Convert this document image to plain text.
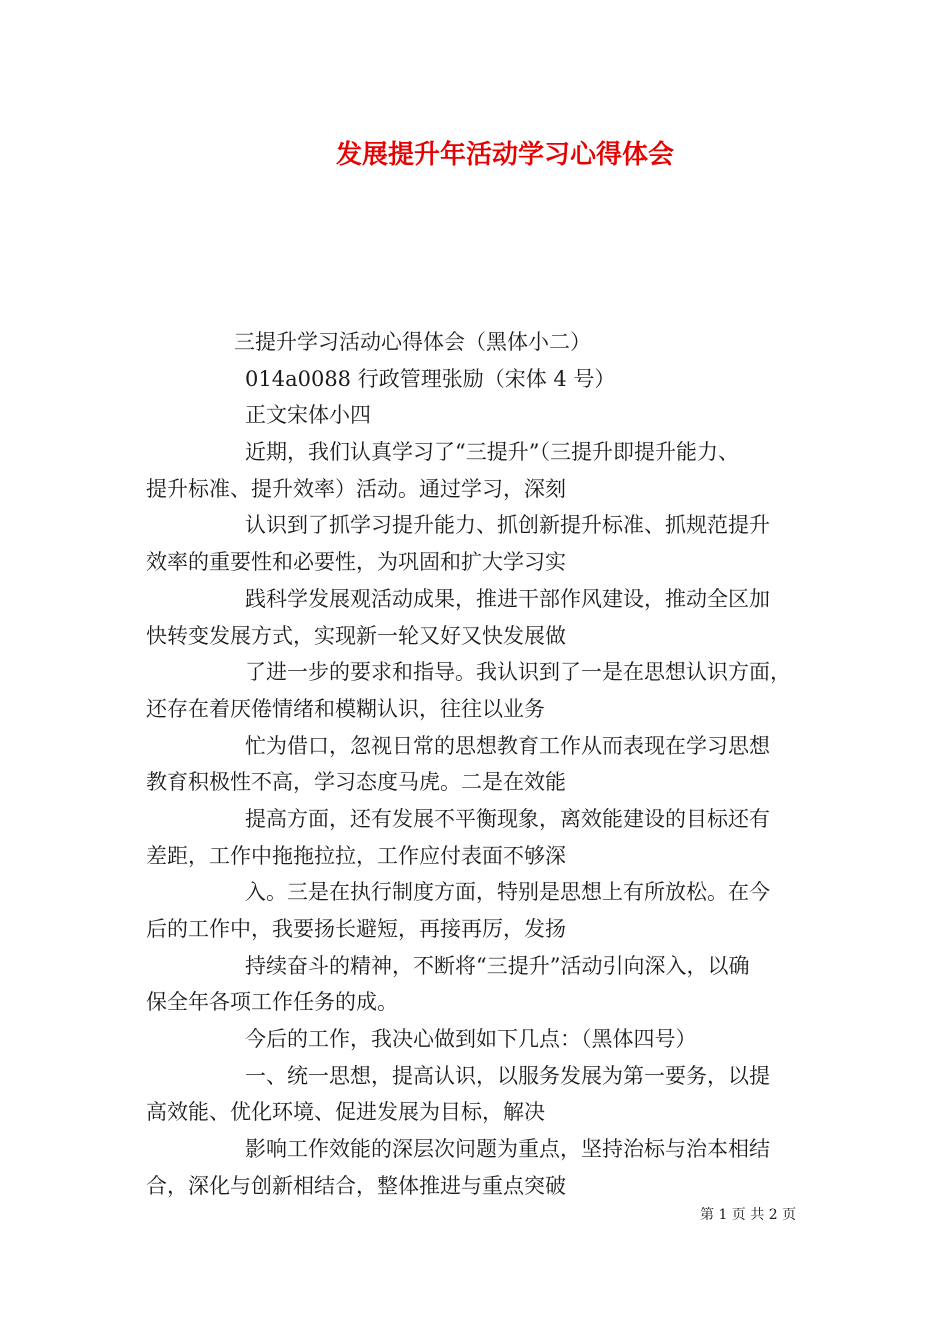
发展提升年活动学习心得体会
三提升学习活动心得体会（黑体小二）
014a0088 行政管理张励（宋体 4 号）
正文宋体小四
近期，我们认真学习了“三提升”（三提升即提升能力、
提升标准、提升效率）活动。通过学习，深刻
认识到了抓学习提升能力、抓创新提升标准、抓规范提升
效率的重要性和必要性，为巩固和扩大学习实
践科学发展观活动成果，推进干部作风建设，推动全区加
快转变发展方式，实现新一轮又好又快发展做
了进一步的要求和指导。我认识到了一是在思想认识方面，
还存在着厌倦情绪和模糊认识，往往以业务
忙为借口，忽视日常的思想教育工作从而表现在学习思想
教育积极性不高，学习态度马虎。二是在效能
提高方面，还有发展不平衡现象，离效能建设的目标还有
差距，工作中拖拖拉拉，工作应付表面不够深
入。三是在执行制度方面，特别是思想上有所放松。在今
后的工作中，我要扬长避短，再接再厉，发扬
持续奋斗的精神，不断将“三提升”活动引向深入，以确
保全年各项工作任务的成。
今后的工作，我决心做到如下几点：（黑体四号）
一、统一思想，提高认识，以服务发展为第一要务，以提
高效能、优化环境、促进发展为目标，解决
影响工作效能的深层次问题为重点，坚持治标与治本相结
合，深化与创新相结合，整体推进与重点突破
第 1 页 共 2 页
